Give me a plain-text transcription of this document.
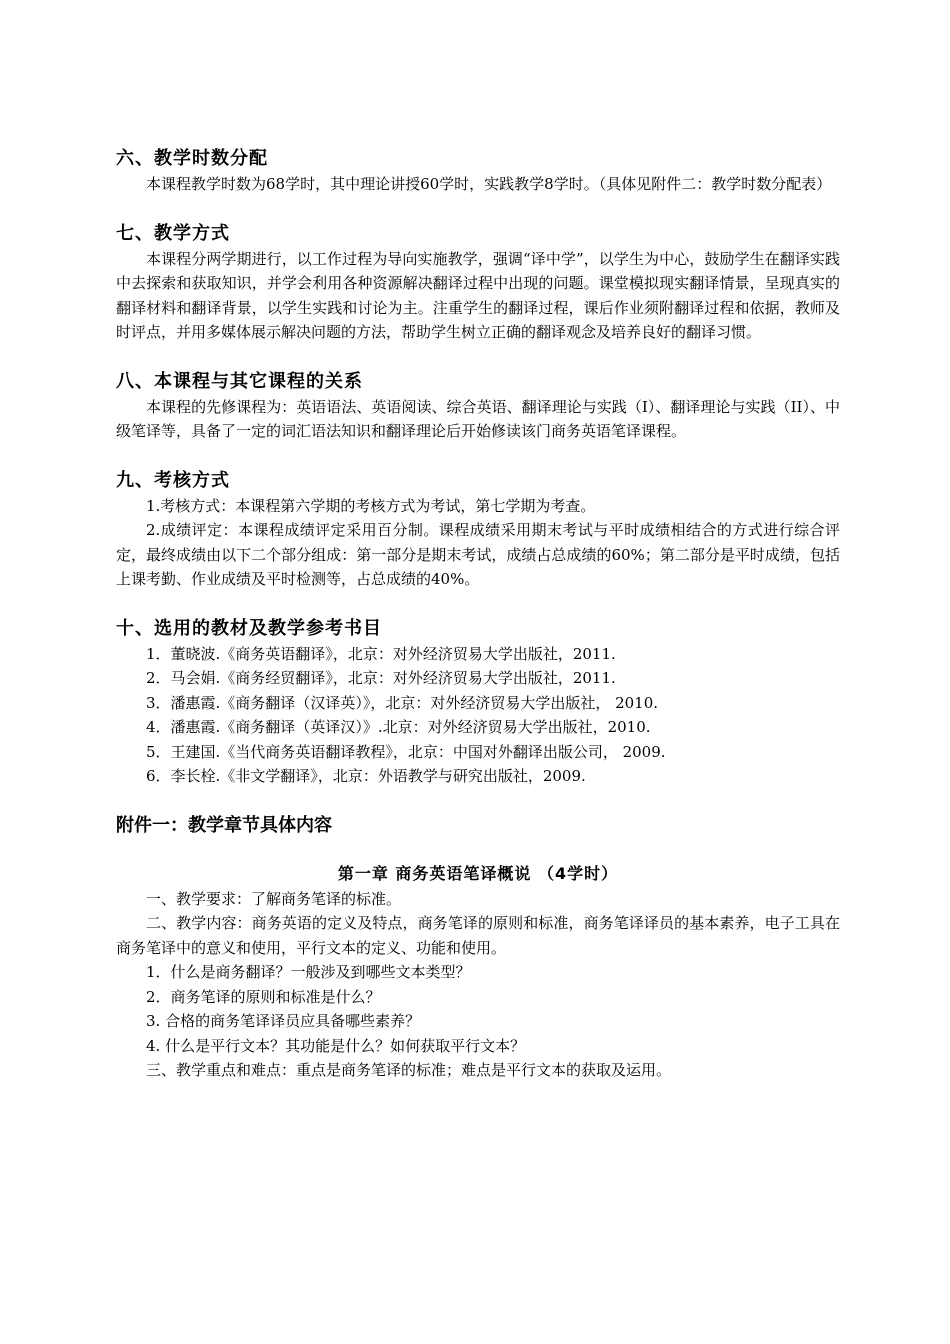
六、教学时数分配

本课程教学时数为68学时，其中理论讲授60学时，实践教学8学时。（具体见附件二：教学时数分配表）

七、教学方式

本课程分两学期进行，以工作过程为导向实施教学，强调“译中学”，以学生为中心，鼓励学生在翻译实践中去探索和获取知识，并学会利用各种资源解决翻译过程中出现的问题。课堂模拟现实翻译情景，呈现真实的翻译材料和翻译背景，以学生实践和讨论为主。注重学生的翻译过程，课后作业须附翻译过程和依据，教师及时评点，并用多媒体展示解决问题的方法，帮助学生树立正确的翻译观念及培养良好的翻译习惯。

八、本课程与其它课程的关系

本课程的先修课程为：英语语法、英语阅读、综合英语、翻译理论与实践（I）、翻译理论与实践（II）、中级笔译等，具备了一定的词汇语法知识和翻译理论后开始修读该门商务英语笔译课程。

九、考核方式

1.考核方式：本课程第六学期的考核方式为考试，第七学期为考查。

2.成绩评定：本课程成绩评定采用百分制。课程成绩采用期末考试与平时成绩相结合的方式进行综合评定，最终成绩由以下二个部分组成：第一部分是期末考试，成绩占总成绩的60%；第二部分是平时成绩，包括上课考勤、作业成绩及平时检测等，占总成绩的40%。

十、选用的教材及教学参考书目

1．董晓波.《商务英语翻译》，北京：对外经济贸易大学出版社，2011.

2．马会娟.《商务经贸翻译》，北京：对外经济贸易大学出版社，2011.

3．潘惠霞.《商务翻译（汉译英）》，北京：对外经济贸易大学出版社， 2010.

4．潘惠霞.《商务翻译（英译汉）》.北京：对外经济贸易大学出版社，2010.

5．王建国.《当代商务英语翻译教程》，北京：中国对外翻译出版公司， 2009.

6．李长栓.《非文学翻译》，北京：外语教学与研究出版社，2009.

附件一：教学章节具体内容
第一章 商务英语笔译概说 （4学时）

一、教学要求：了解商务笔译的标准。

二、教学内容：商务英语的定义及特点，商务笔译的原则和标准，商务笔译译员的基本素养，电子工具在商务笔译中的意义和使用，平行文本的定义、功能和使用。

1．什么是商务翻译？一般涉及到哪些文本类型？

2．商务笔译的原则和标准是什么？

3. 合格的商务笔译译员应具备哪些素养？

4. 什么是平行文本？其功能是什么？如何获取平行文本？

三、教学重点和难点：重点是商务笔译的标准；难点是平行文本的获取及运用。
